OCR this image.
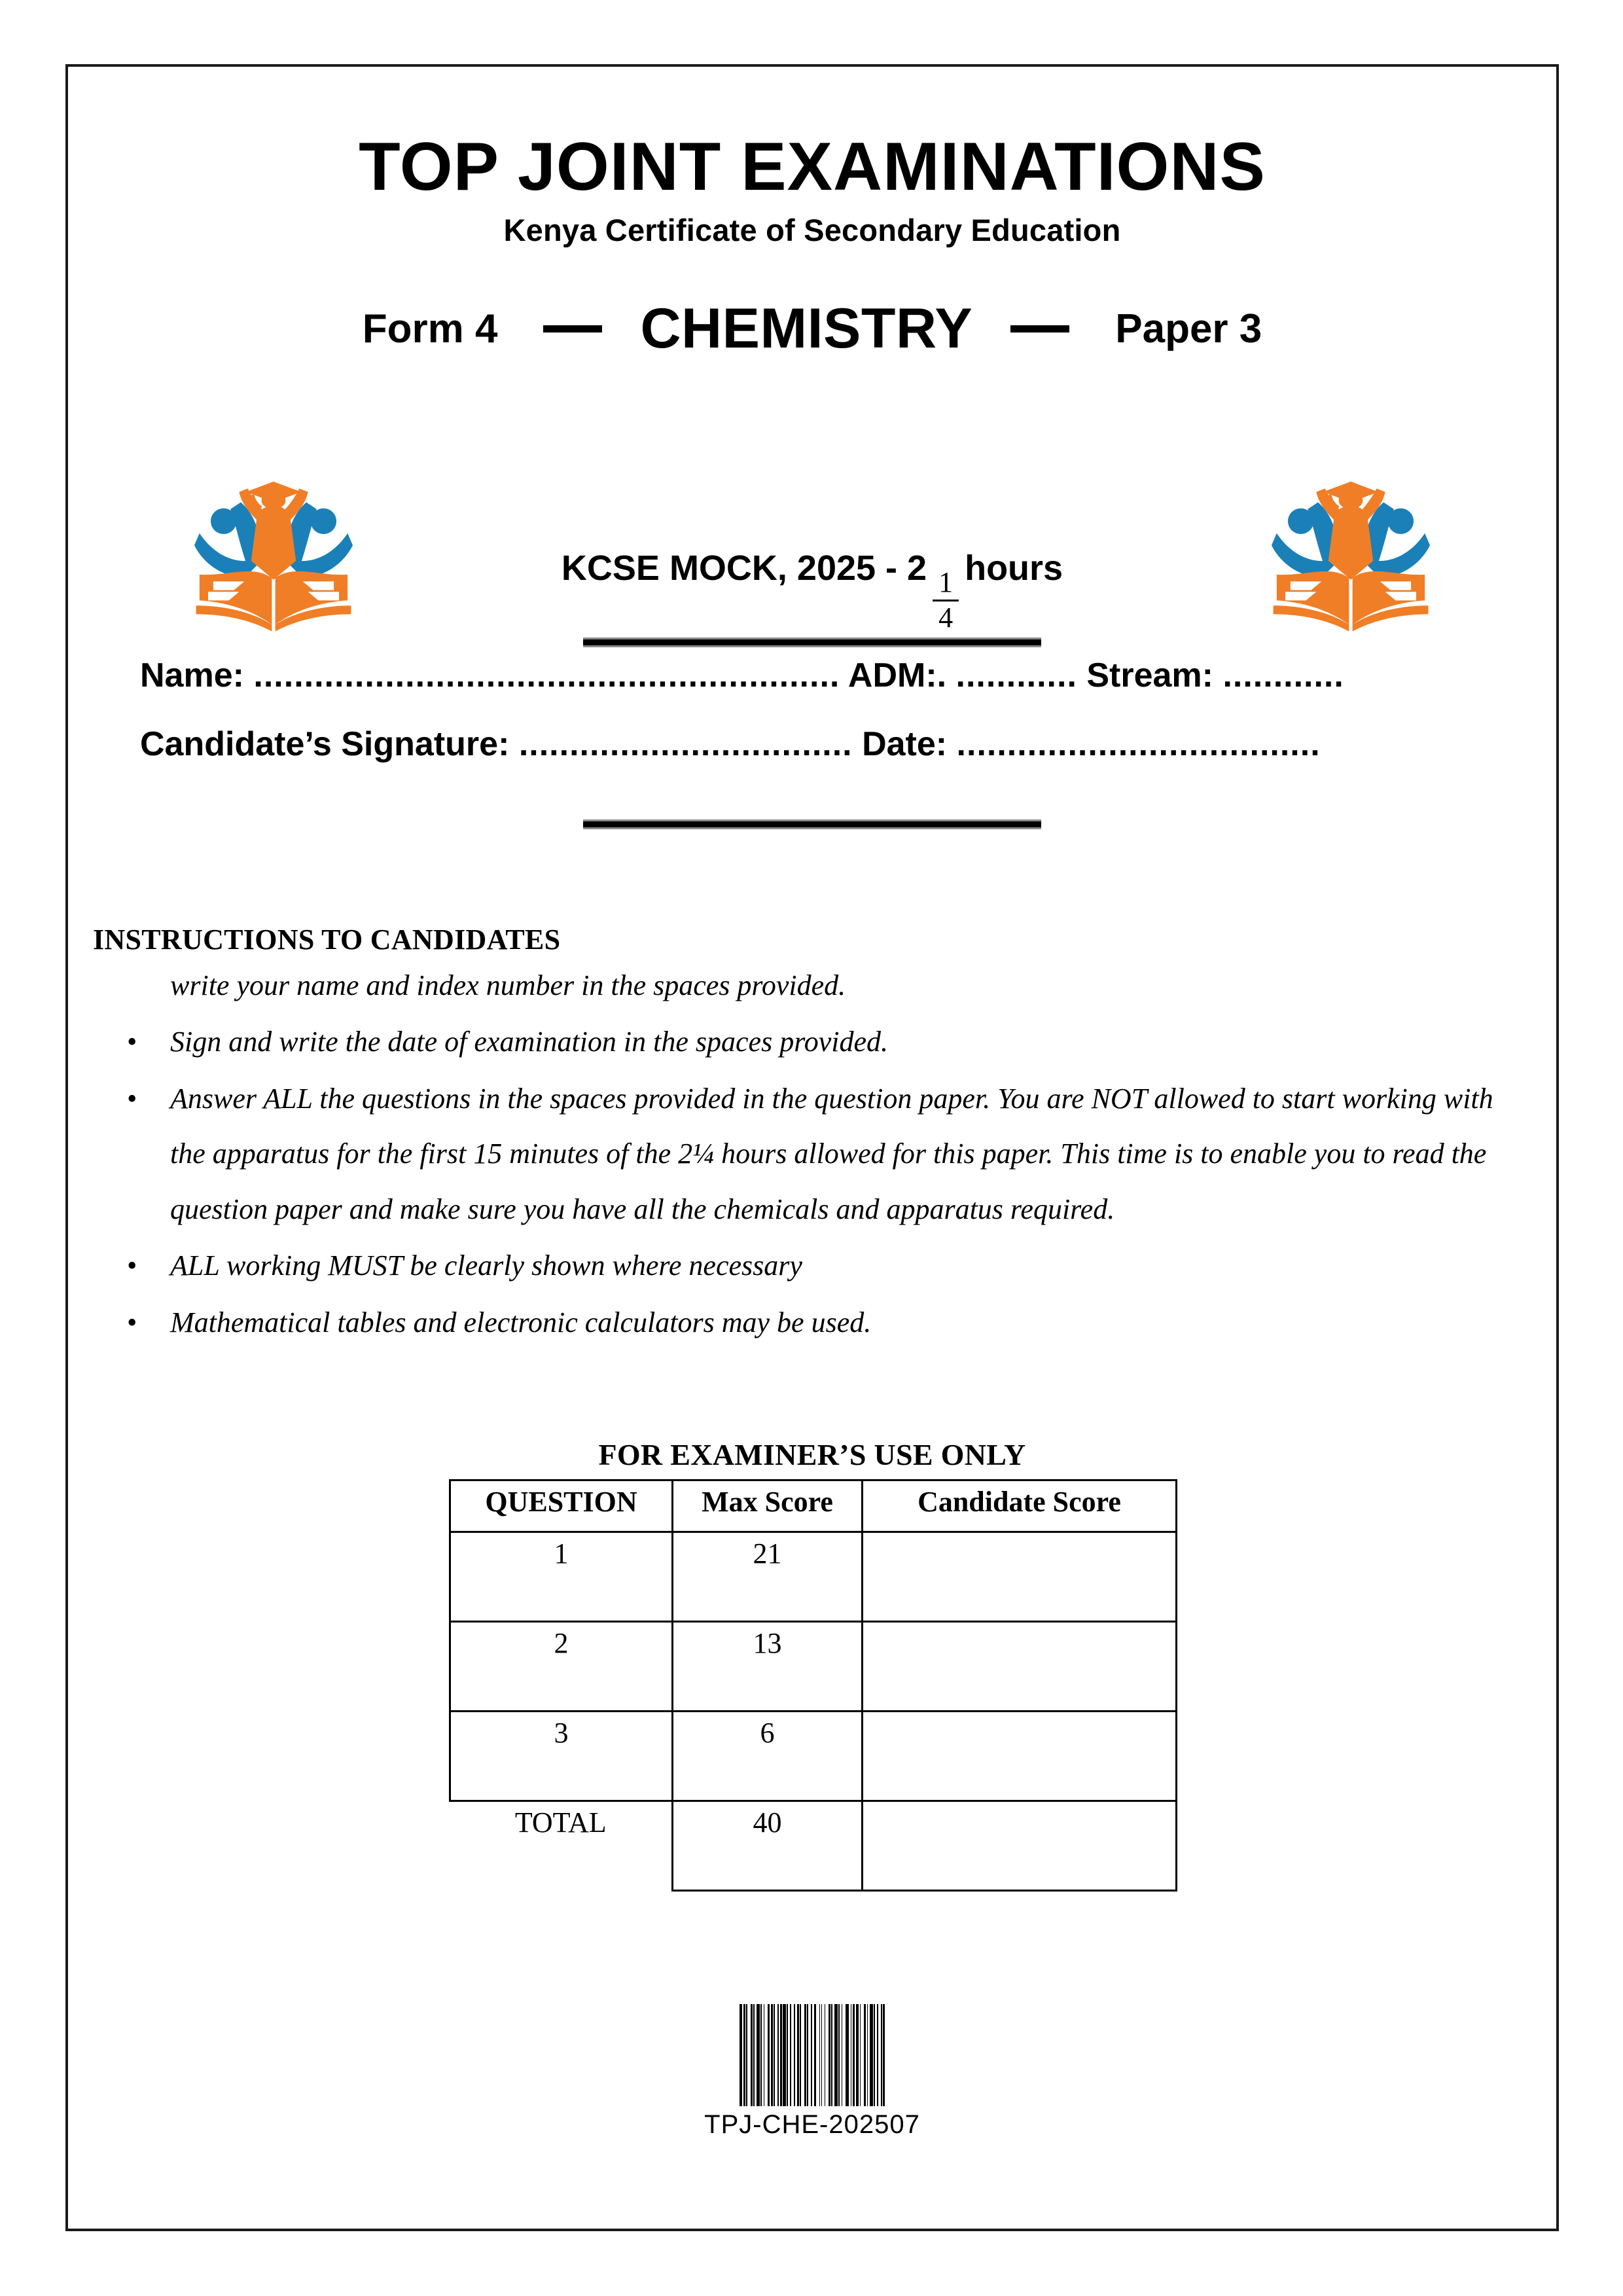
TOP JOINT EXAMINATIONS
Kenya Certificate of Secondary Education
Form 4	CHEMISTRY	Paper 3
KCSE MOCK, 2025 - 2
$\frac{1}{4}$
hours
Name: .......................................................... ADM:. ............ Stream: ............
Candidate’s Signature: ................................. Date: ....................................
INSTRUCTIONS TO CANDIDATES
write your name and index number in the spaces provided.
• Sign and write the date of examination in the spaces provided.
• Answer ALL the questions in the spaces provided in the question paper. You are NOT allowed to start working with the apparatus for the first 15 minutes of the 2¼ hours allowed for this paper. This time is to enable you to read the question paper and make sure you have all the chemicals and apparatus required.
• ALL working MUST be clearly shown where necessary
• Mathematical tables and electronic calculators may be used.
FOR EXAMINER’S USE ONLY
QUESTION	Max Score	Candidate Score
1	21	
2	13	
3	6	
TOTAL	40	
TPJ-CHE-202507
